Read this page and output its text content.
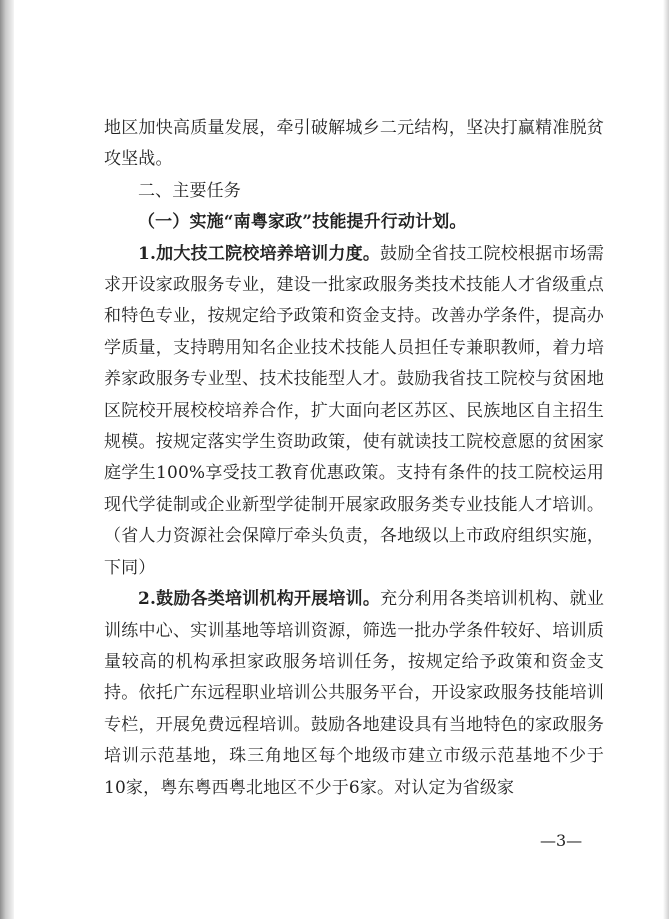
地区加快高质量发展，牵引破解城乡二元结构，坚决打赢精准脱贫攻坚战。

二、主要任务

（一）实施“南粤家政”技能提升行动计划。

1.加大技工院校培养培训力度。鼓励全省技工院校根据市场需求开设家政服务专业，建设一批家政服务类技术技能人才省级重点和特色专业，按规定给予政策和资金支持。改善办学条件，提高办学质量，支持聘用知名企业技术技能人员担任专兼职教师，着力培养家政服务专业型、技术技能型人才。鼓励我省技工院校与贫困地区院校开展校校培养合作，扩大面向老区苏区、民族地区自主招生规模。按规定落实学生资助政策，使有就读技工院校意愿的贫困家庭学生100%享受技工教育优惠政策。支持有条件的技工院校运用现代学徒制或企业新型学徒制开展家政服务类专业技能人才培训。（省人力资源社会保障厅牵头负责，各地级以上市政府组织实施，下同）

2.鼓励各类培训机构开展培训。充分利用各类培训机构、就业训练中心、实训基地等培训资源，筛选一批办学条件较好、培训质量较高的机构承担家政服务培训任务，按规定给予政策和资金支持。依托广东远程职业培训公共服务平台，开设家政服务技能培训专栏，开展免费远程培训。鼓励各地建设具有当地特色的家政服务培训示范基地，珠三角地区每个地级市建立市级示范基地不少于10家，粤东粤西粤北地区不少于6家。对认定为省级家

—3—
